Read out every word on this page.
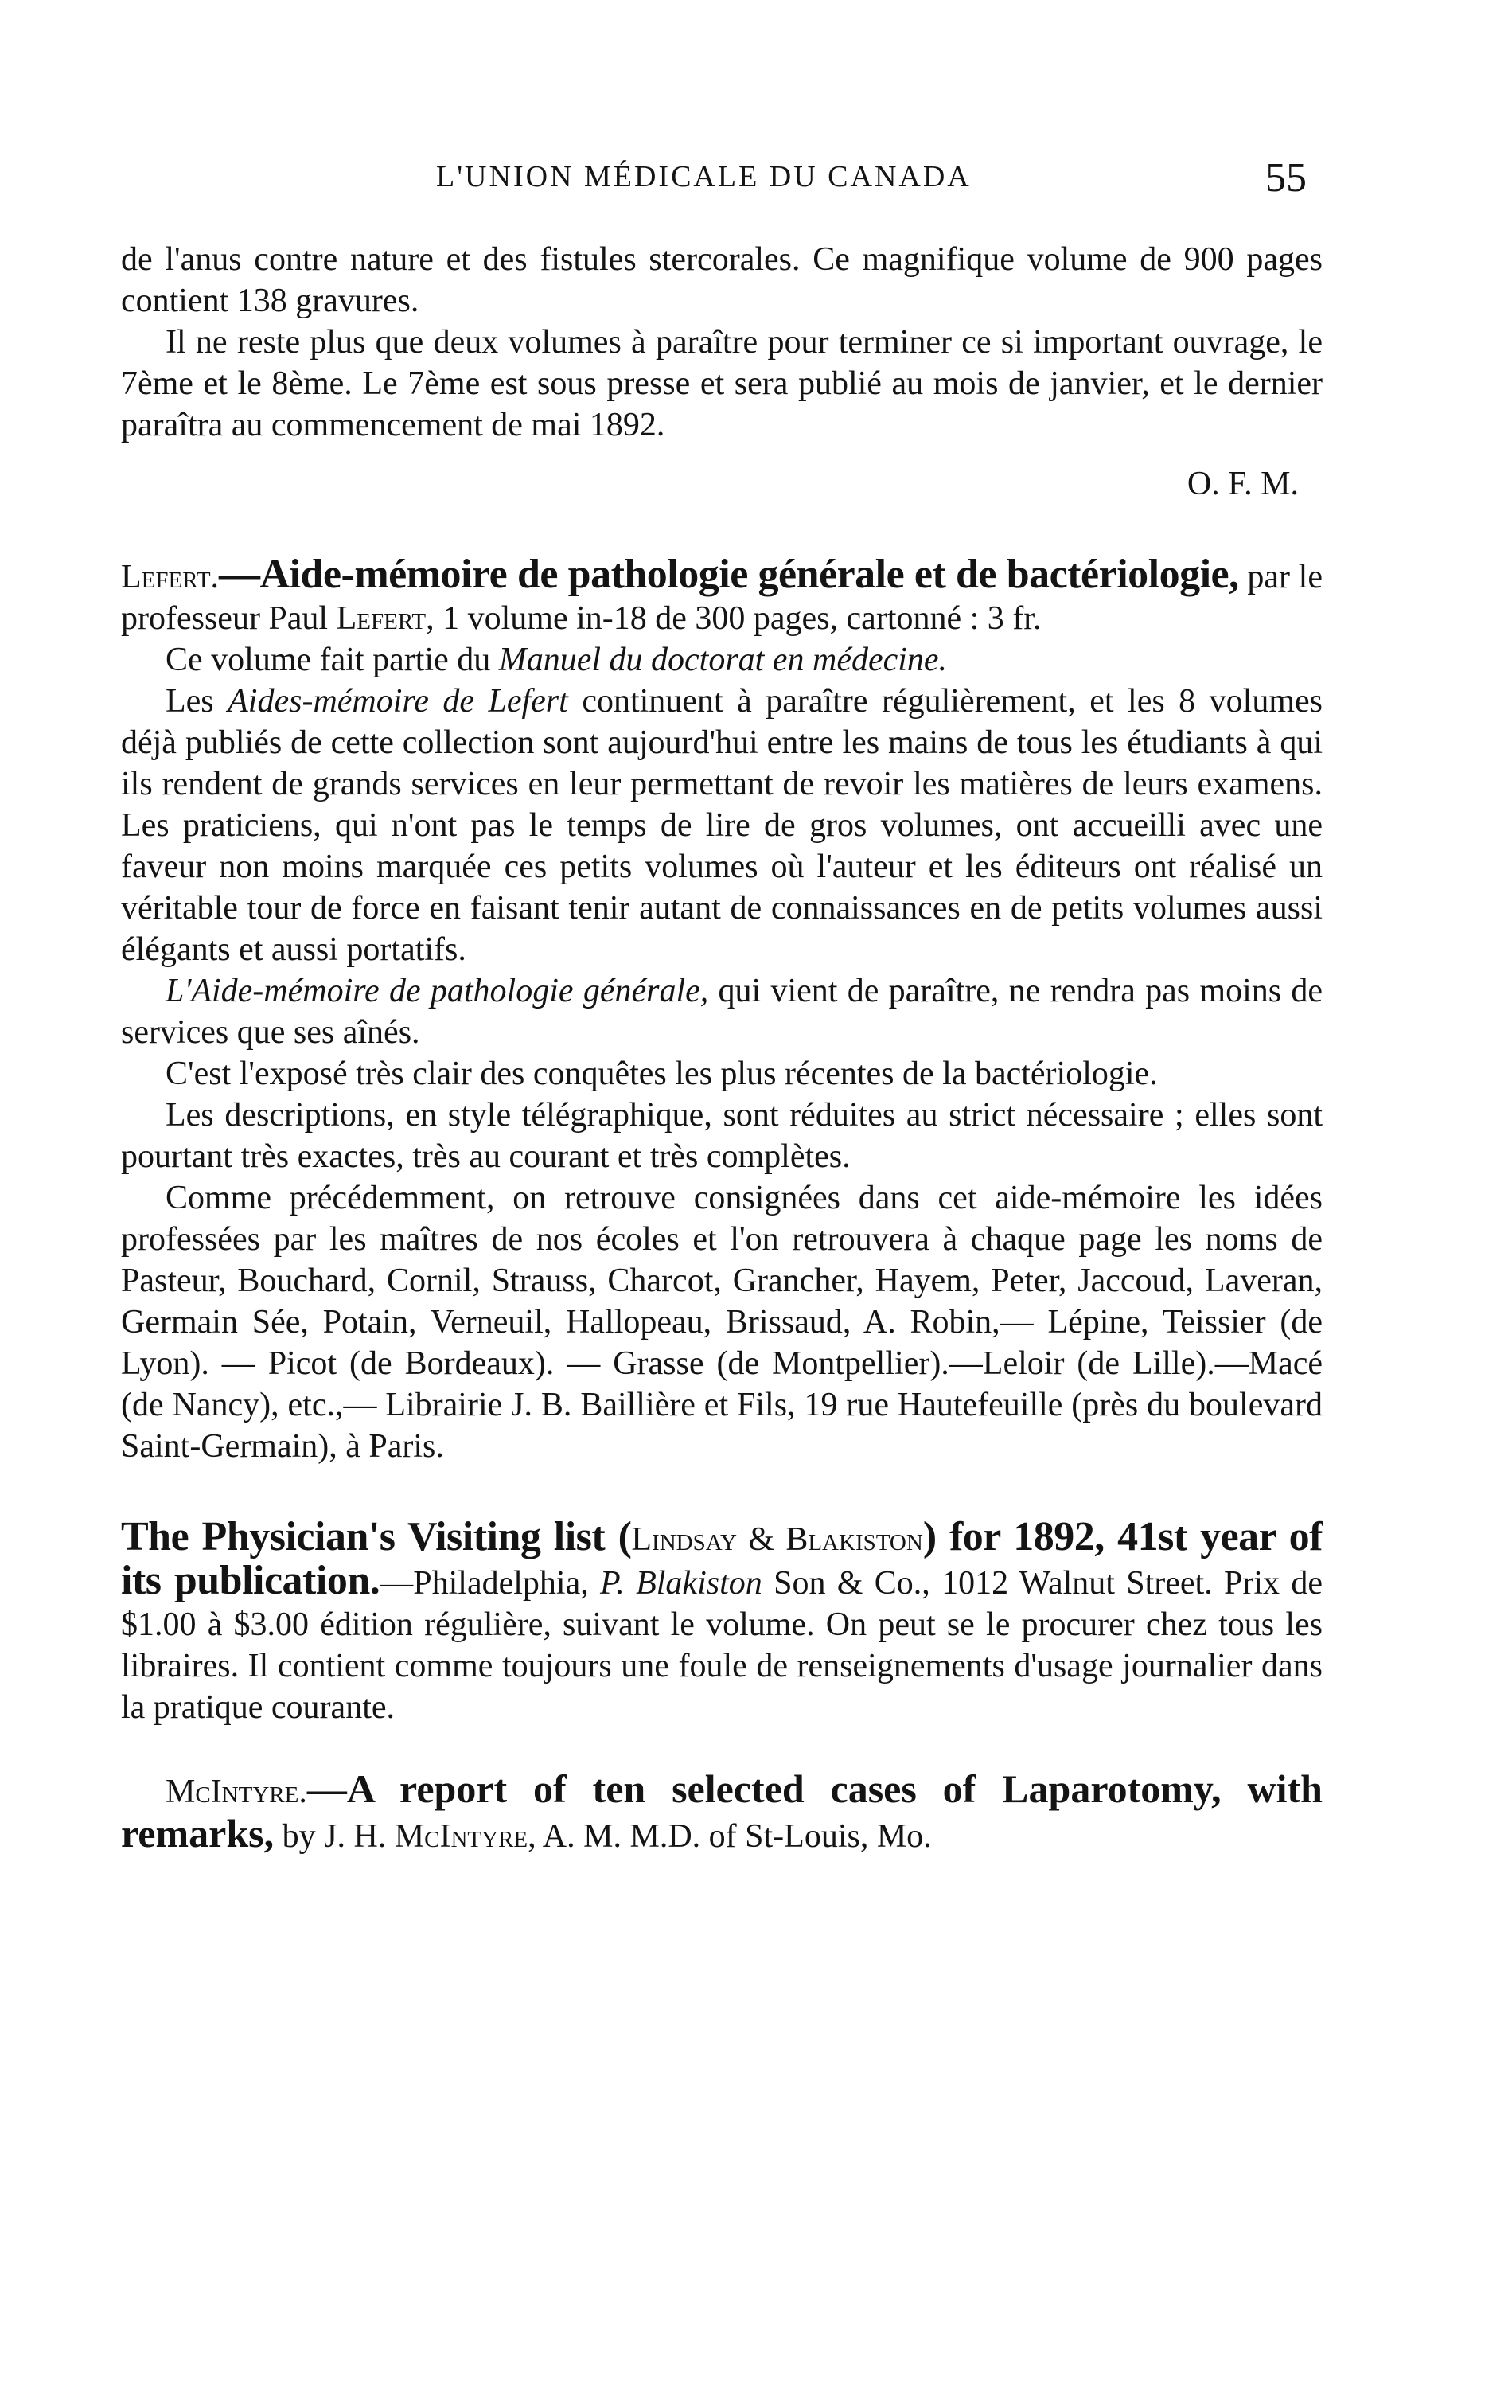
L'UNION MÉDICALE DU CANADA	55

de l'anus contre nature et des fistules stercorales. Ce magnifique volume de 900 pages contient 138 gravures.

Il ne reste plus que deux volumes à paraître pour terminer ce si important ouvrage, le 7ème et le 8ème. Le 7ème est sous presse et sera publié au mois de janvier, et le dernier paraîtra au commencement de mai 1892.

O. F. M.

Lefert.—Aide-mémoire de pathologie générale et de bactériologie, par le professeur Paul Lefert, 1 volume in-18 de 300 pages, cartonné : 3 fr.

Ce volume fait partie du Manuel du doctorat en médecine.

Les Aides-mémoire de Lefert continuent à paraître régulièrement, et les 8 volumes déjà publiés de cette collection sont aujourd'hui entre les mains de tous les étudiants à qui ils rendent de grands services en leur permettant de revoir les matières de leurs examens. Les praticiens, qui n'ont pas le temps de lire de gros volumes, ont accueilli avec une faveur non moins marquée ces petits volumes où l'auteur et les éditeurs ont réalisé un véritable tour de force en faisant tenir autant de connaissances en de petits volumes aussi élégants et aussi portatifs.

L'Aide-mémoire de pathologie générale, qui vient de paraître, ne rendra pas moins de services que ses aînés.

C'est l'exposé très clair des conquêtes les plus récentes de la bactériologie.

Les descriptions, en style télégraphique, sont réduites au strict nécessaire ; elles sont pourtant très exactes, très au courant et très complètes.

Comme précédemment, on retrouve consignées dans cet aide-mémoire les idées professées par les maîtres de nos écoles et l'on retrouvera à chaque page les noms de Pasteur, Bouchard, Cornil, Strauss, Charcot, Grancher, Hayem, Peter, Jaccoud, Laveran, Germain Sée, Potain, Verneuil, Hallopeau, Brissaud, A. Robin,— Lépine, Teissier (de Lyon). — Picot (de Bordeaux). — Grasse (de Montpellier).—Leloir (de Lille).—Macé (de Nancy), etc.,— Librairie J. B. Baillière et Fils, 19 rue Hautefeuille (près du boulevard Saint-Germain), à Paris.

The Physician's Visiting list (Lindsay & Blakiston) for 1892, 41st year of its publication.—Philadelphia, P. Blakiston Son & Co., 1012 Walnut Street. Prix de $1.00 à $3.00 édition régulière, suivant le volume. On peut se le procurer chez tous les libraires. Il contient comme toujours une foule de renseignements d'usage journalier dans la pratique courante.

McIntyre.—A report of ten selected cases of Laparotomy, with remarks, by J. H. McIntyre, A. M. M.D. of St-Louis, Mo.
